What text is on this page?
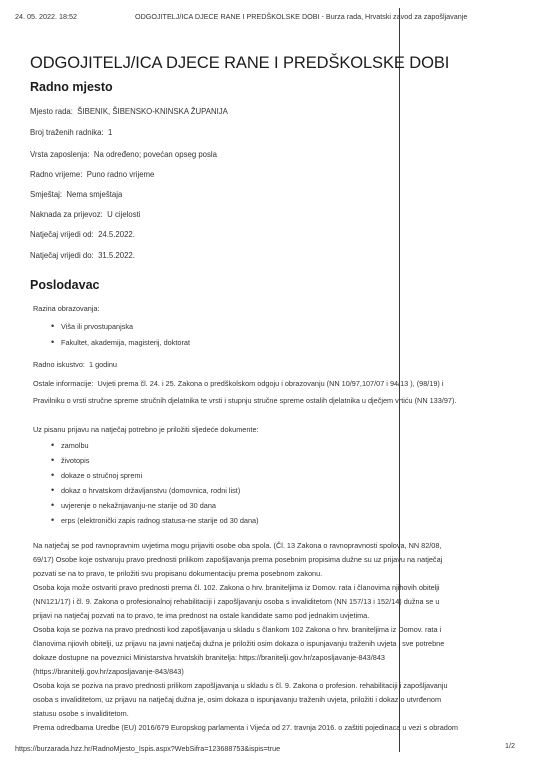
24. 05. 2022. 18:52	ODGOJITELJ/ICA DJECE RANE I PREDŠKOLSKE DOBI - Burza rada, Hrvatski zavod za zapošljavanje
ODGOJITELJ/ICA DJECE RANE I PREDŠKOLSKE DOBI
Radno mjesto
Mjesto rada: ŠIBENIK, ŠIBENSKO-KNINSKA ŽUPANIJA
Broj traženih radnika: 1
Vrsta zaposlenja: Na određeno; povećan opseg posla
Radno vrijeme: Puno radno vrijeme
Smještaj: Nema smještaja
Naknada za prijevoz: U cijelosti
Natječaj vrijedi od: 24.5.2022.
Natječaj vrijedi do: 31.5.2022.
Poslodavac
Razina obrazovanja:
• Viša ili prvostupanjska
• Fakultet, akademija, magisterij, doktorat
Radno iskustvo: 1 godinu
Ostale informacije: Uvjeti prema čl. 24. i 25. Zakona o predškolskom odgoju i obrazovanju (NN 10/97,107/07 i 94/13 ), (98/19) i
Pravilniku o vrsti stručne spreme stručnih djelatnika te vrsti i stupnju stručne spreme ostalih djelatnika u dječjem vrtiću (NN 133/97).
Uz pisanu prijavu na natječaj potrebno je priložiti sljedeće dokumente:
• zamolbu
• životopis
• dokaze o stručnoj spremi
• dokaz o hrvatskom državljanstvu (domovnica, rodni list)
• uvjerenje o nekažnjavanju-ne starije od 30 dana
• erps (elektronički zapis radnog statusa-ne starije od 30 dana)
Na natječaj se pod ravnopravnim uvjetima mogu prijaviti osobe oba spola. (Čl. 13 Zakona o ravnopravnosti spolova, NN 82/08,
69/17) Osobe koje ostvaruju pravo prednosti prilikom zapošljavanja prema posebnim propisima dužne su uz prijavu na natječaj
pozvati se na to pravo, te priložiti svu propisanu dokumentaciju prema posebnom zakonu.
Osoba koja može ostvariti pravo prednosti prema čl. 102. Zakona o hrv. braniteljima iz Domov. rata i članovima njihovih obitelji
(NN121/17) i čl. 9. Zakona o profesionalnoj rehabilitaciji i zapošljavanju osoba s invaliditetom (NN 157/13 i 152/14) dužna se u
prijavi na natječaj pozvati na to pravo, te ima prednost na ostale kandidate samo pod jednakim uvjetima.
Osoba koja se poziva na pravo prednosti kod zapošljavanja u skladu s člankom 102 Zakona o hrv. braniteljima iz Domov. rata i
članovima njiovih obitelji, uz prijavu na javni natječaj dužna je priložiti osim dokaza o ispunjavanju traženih uvjeta i sve potrebne
dokaze dostupne na poveznici Ministarstva hrvatskih branitelja: https://branitelji.gov.hr/zaposljavanje-843/843
(https://branitelji.gov.hr/zaposljavanje-843/843)
Osoba koja se poziva na pravo prednosti prilikom zapošljavanja u skladu s čl. 9. Zakona o profesion. rehabilitaciji i zapošljavanju
osoba s invaliditetom, uz prijavu na natječaj dužna je, osim dokaza o ispunjavanju traženih uvjeta, priložiti i dokaz o utvrđenom
statusu osobe s invaliditetom.
Prema odredbama Uredbe (EU) 2016/679 Europskog parlamenta i Vijeća od 27. travnja 2016. o zaštiti pojedinaca u vezi s obradom
https://burzarada.hzz.hr/RadnoMjesto_Ispis.aspx?WebSifra=123688753&ispis=true	1/2
